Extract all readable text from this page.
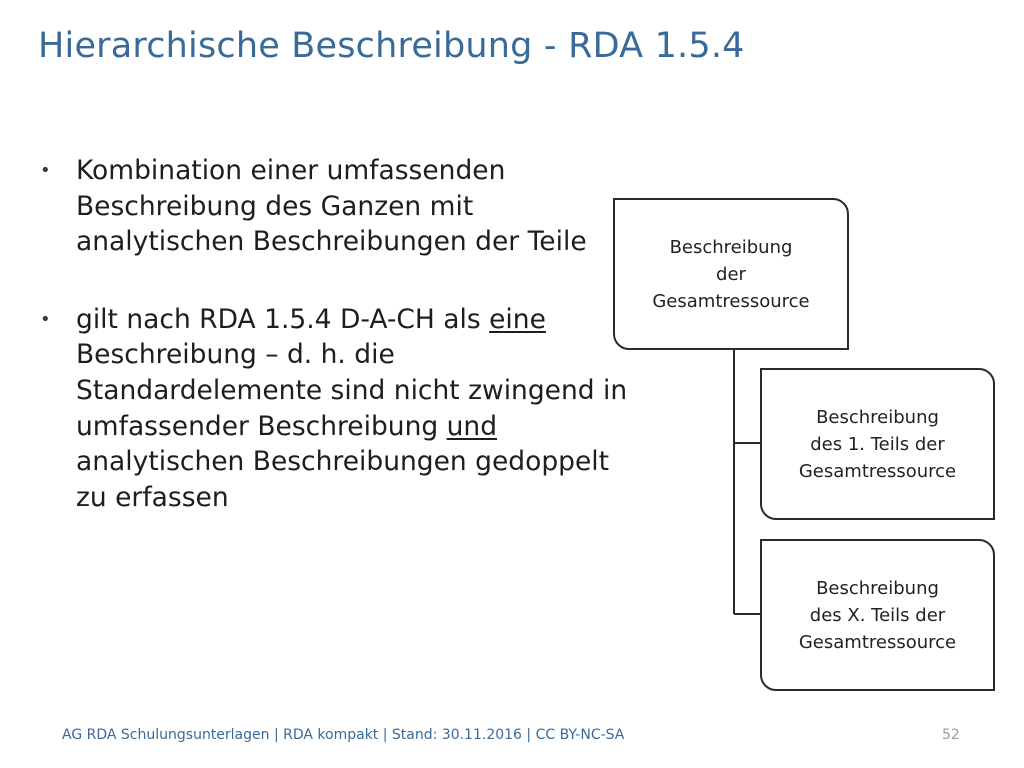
Hierarchische Beschreibung - RDA 1.5.4
• Kombination einer umfassenden Beschreibung des Ganzen mit analytischen Beschreibungen der Teile
• gilt nach RDA 1.5.4 D-A-CH als eine Beschreibung – d. h. die Standardelemente sind nicht zwingend in umfassender Beschreibung und analytischen Beschreibungen gedoppelt zu erfassen
Beschreibung
der
Gesamtressource
Beschreibung
des 1. Teils der
Gesamtressource
Beschreibung
des X. Teils der
Gesamtressource
AG RDA Schulungsunterlagen | RDA kompakt | Stand: 30.11.2016 | CC BY-NC-SA	52
